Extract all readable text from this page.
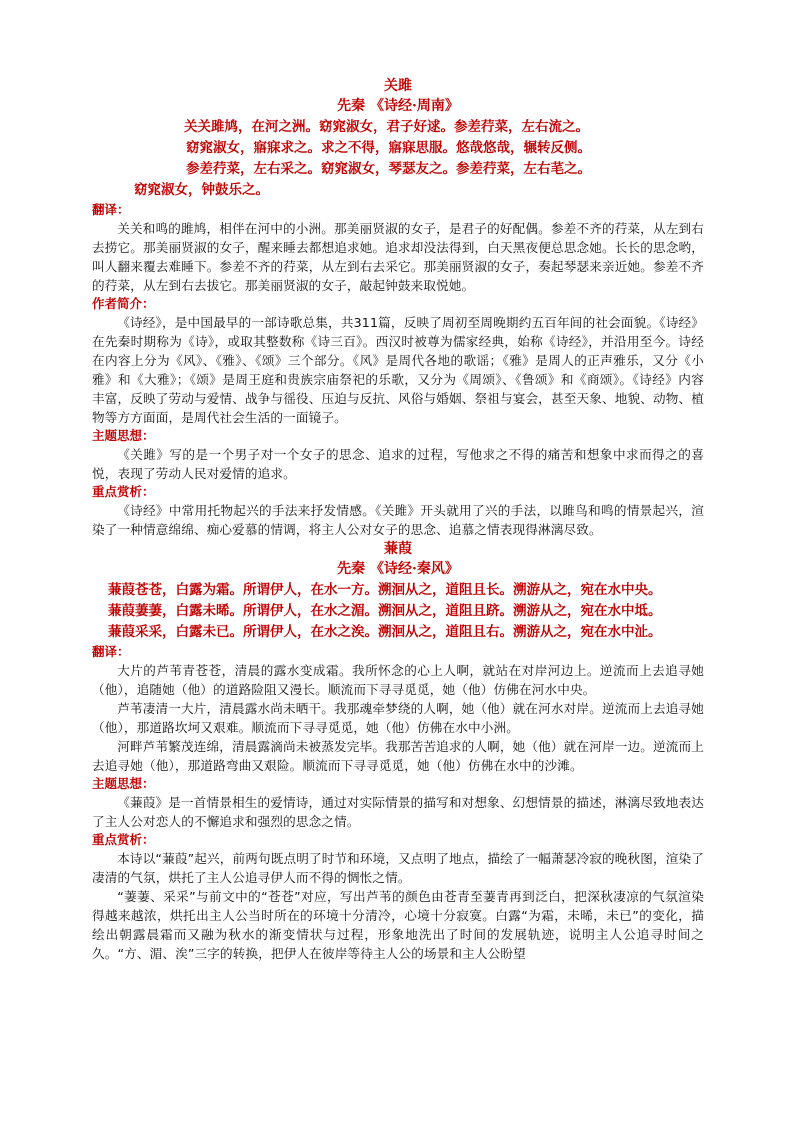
关雎
先秦 《诗经·周南》
关关雎鸠，在河之洲。窈窕淑女，君子好逑。参差荇菜，左右流之。
窈窕淑女，寤寐求之。求之不得，寤寐思服。悠哉悠哉，辗转反侧。
参差荇菜，左右采之。窈窕淑女，琴瑟友之。参差荇菜，左右芼之。
窈窕淑女，钟鼓乐之。
翻译：
关关和鸣的雎鸠，相伴在河中的小洲。那美丽贤淑的女子，是君子的好配偶。参差不齐的荇菜，从左到右去捞它。那美丽贤淑的女子，醒来睡去都想追求她。追求却没法得到，白天黑夜便总思念她。长长的思念哟，叫人翻来覆去难睡下。参差不齐的荇菜，从左到右去采它。那美丽贤淑的女子，奏起琴瑟来亲近她。参差不齐的荇菜，从左到右去拔它。那美丽贤淑的女子，敲起钟鼓来取悦她。
作者简介：
《诗经》，是中国最早的一部诗歌总集，共311篇，反映了周初至周晚期约五百年间的社会面貌。《诗经》在先秦时期称为《诗》，或取其整数称《诗三百》。西汉时被尊为儒家经典，始称《诗经》，并沿用至今。诗经在内容上分为《风》、《雅》、《颂》三个部分。《风》是周代各地的歌谣；《雅》是周人的正声雅乐，又分《小雅》和《大雅》；《颂》是周王庭和贵族宗庙祭祀的乐歌，又分为《周颂》、《鲁颂》和《商颂》。《诗经》内容丰富，反映了劳动与爱情、战争与徭役、压迫与反抗、风俗与婚姻、祭祖与宴会，甚至天象、地貌、动物、植物等方方面面，是周代社会生活的一面镜子。
主题思想：
《关雎》写的是一个男子对一个女子的思念、追求的过程，写他求之不得的痛苦和想象中求而得之的喜悦，表现了劳动人民对爱情的追求。
重点赏析：
《诗经》中常用托物起兴的手法来抒发情感。《关雎》开头就用了兴的手法，以雎鸟和鸣的情景起兴，渲染了一种情意绵绵、痴心爱慕的情调，将主人公对女子的思念、追慕之情表现得淋漓尽致。
蒹葭
先秦 《诗经·秦风》
蒹葭苍苍，白露为霜。所谓伊人，在水一方。溯洄从之，道阻且长。溯游从之，宛在水中央。
蒹葭萋萋，白露未晞。所谓伊人，在水之湄。溯洄从之，道阻且跻。溯游从之，宛在水中坻。
蒹葭采采，白露未已。所谓伊人，在水之涘。溯洄从之，道阻且右。溯游从之，宛在水中沚。
翻译：
大片的芦苇青苍苍，清晨的露水变成霜。我所怀念的心上人啊，就站在对岸河边上。逆流而上去追寻她（他），追随她（他）的道路险阻又漫长。顺流而下寻寻觅觅，她（他）仿佛在河水中央。
芦苇凄清一大片，清晨露水尚未晒干。我那魂牵梦绕的人啊，她（他）就在河水对岸。逆流而上去追寻她（他），那道路坎坷又艰难。顺流而下寻寻觅觅，她（他）仿佛在水中小洲。
河畔芦苇繁茂连绵，清晨露滴尚未被蒸发完毕。我那苦苦追求的人啊，她（他）就在河岸一边。逆流而上去追寻她（他），那道路弯曲又艰险。顺流而下寻寻觅觅，她（他）仿佛在水中的沙滩。
主题思想：
《蒹葭》是一首情景相生的爱情诗，通过对实际情景的描写和对想象、幻想情景的描述，淋漓尽致地表达了主人公对恋人的不懈追求和强烈的思念之情。
重点赏析：
本诗以“蒹葭”起兴，前两句既点明了时节和环境，又点明了地点，描绘了一幅萧瑟冷寂的晚秋图，渲染了凄清的气氛，烘托了主人公追寻伊人而不得的惆怅之情。
“萋萋、采采”与前文中的“苍苍”对应，写出芦苇的颜色由苍青至萋青再到泛白，把深秋凄凉的气氛渲染得越来越浓，烘托出主人公当时所在的环境十分清冷，心境十分寂寞。白露“为霜，未晞，未已”的变化，描绘出朝露晨霜而又融为秋水的渐变情状与过程，形象地洗出了时间的发展轨迹，说明主人公追寻时间之久。“方、湄、涘”三字的转换，把伊人在彼岸等待主人公的场景和主人公盼望
